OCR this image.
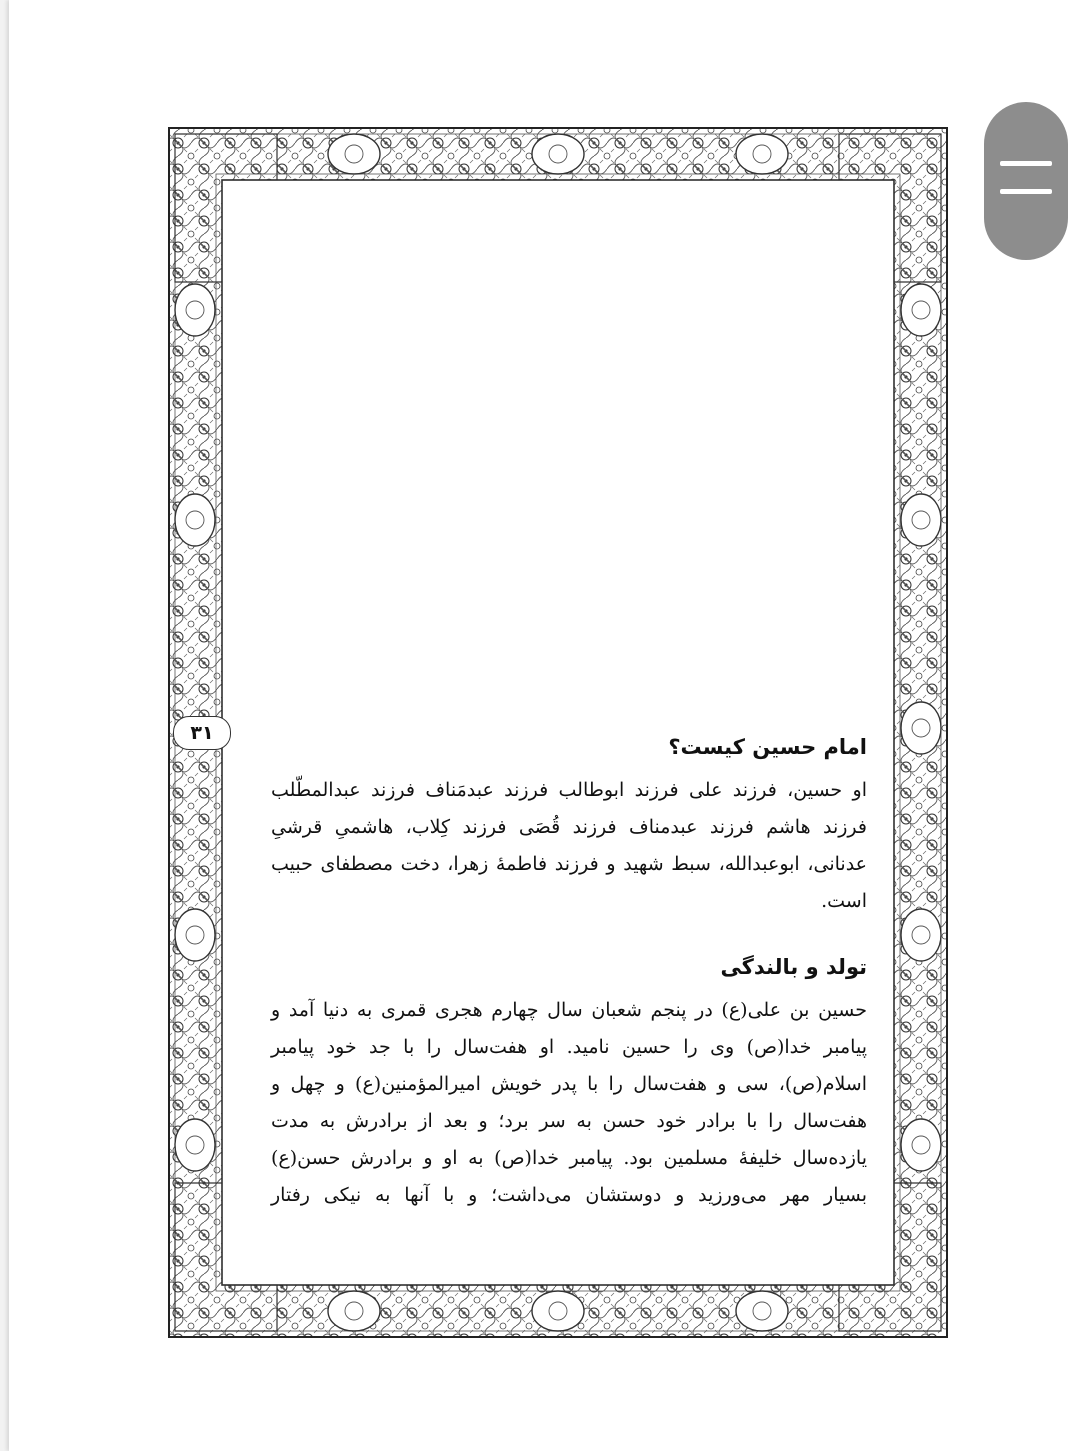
۳۱
امام حسین کیست؟

او حسین، فرزند علی فرزند ابوطالب فرزند عبدمَناف فرزند عبدالمطّلب فرزند هاشم فرزند عبدمناف فرزند قُصَی فرزند کِلاب، هاشمیِ قرشیِ عدنانی، ابوعبدالله، سبط شهید و فرزند فاطمهٔ زهرا، دخت مصطفای حبیب است.

تولد و بالندگی

حسین بن علی(ع) در پنجم شعبان سال چهارم هجری قمری به دنیا آمد و پیامبر خدا(ص) وی را حسین نامید. او هفت‌سال را با جد خود پیامبر اسلام(ص)، سی و هفت‌سال را با پدر خویش امیرالمؤمنین(ع) و چهل و هفت‌سال را با برادر خود حسن به سر برد؛ و بعد از برادرش به مدت یازده‌سال خلیفهٔ مسلمین بود. پیامبر خدا(ص) به او و برادرش حسن(ع) بسیار مهر می‌ورزید و دوستشان می‌داشت؛ و با آنها به نیکی رفتار
